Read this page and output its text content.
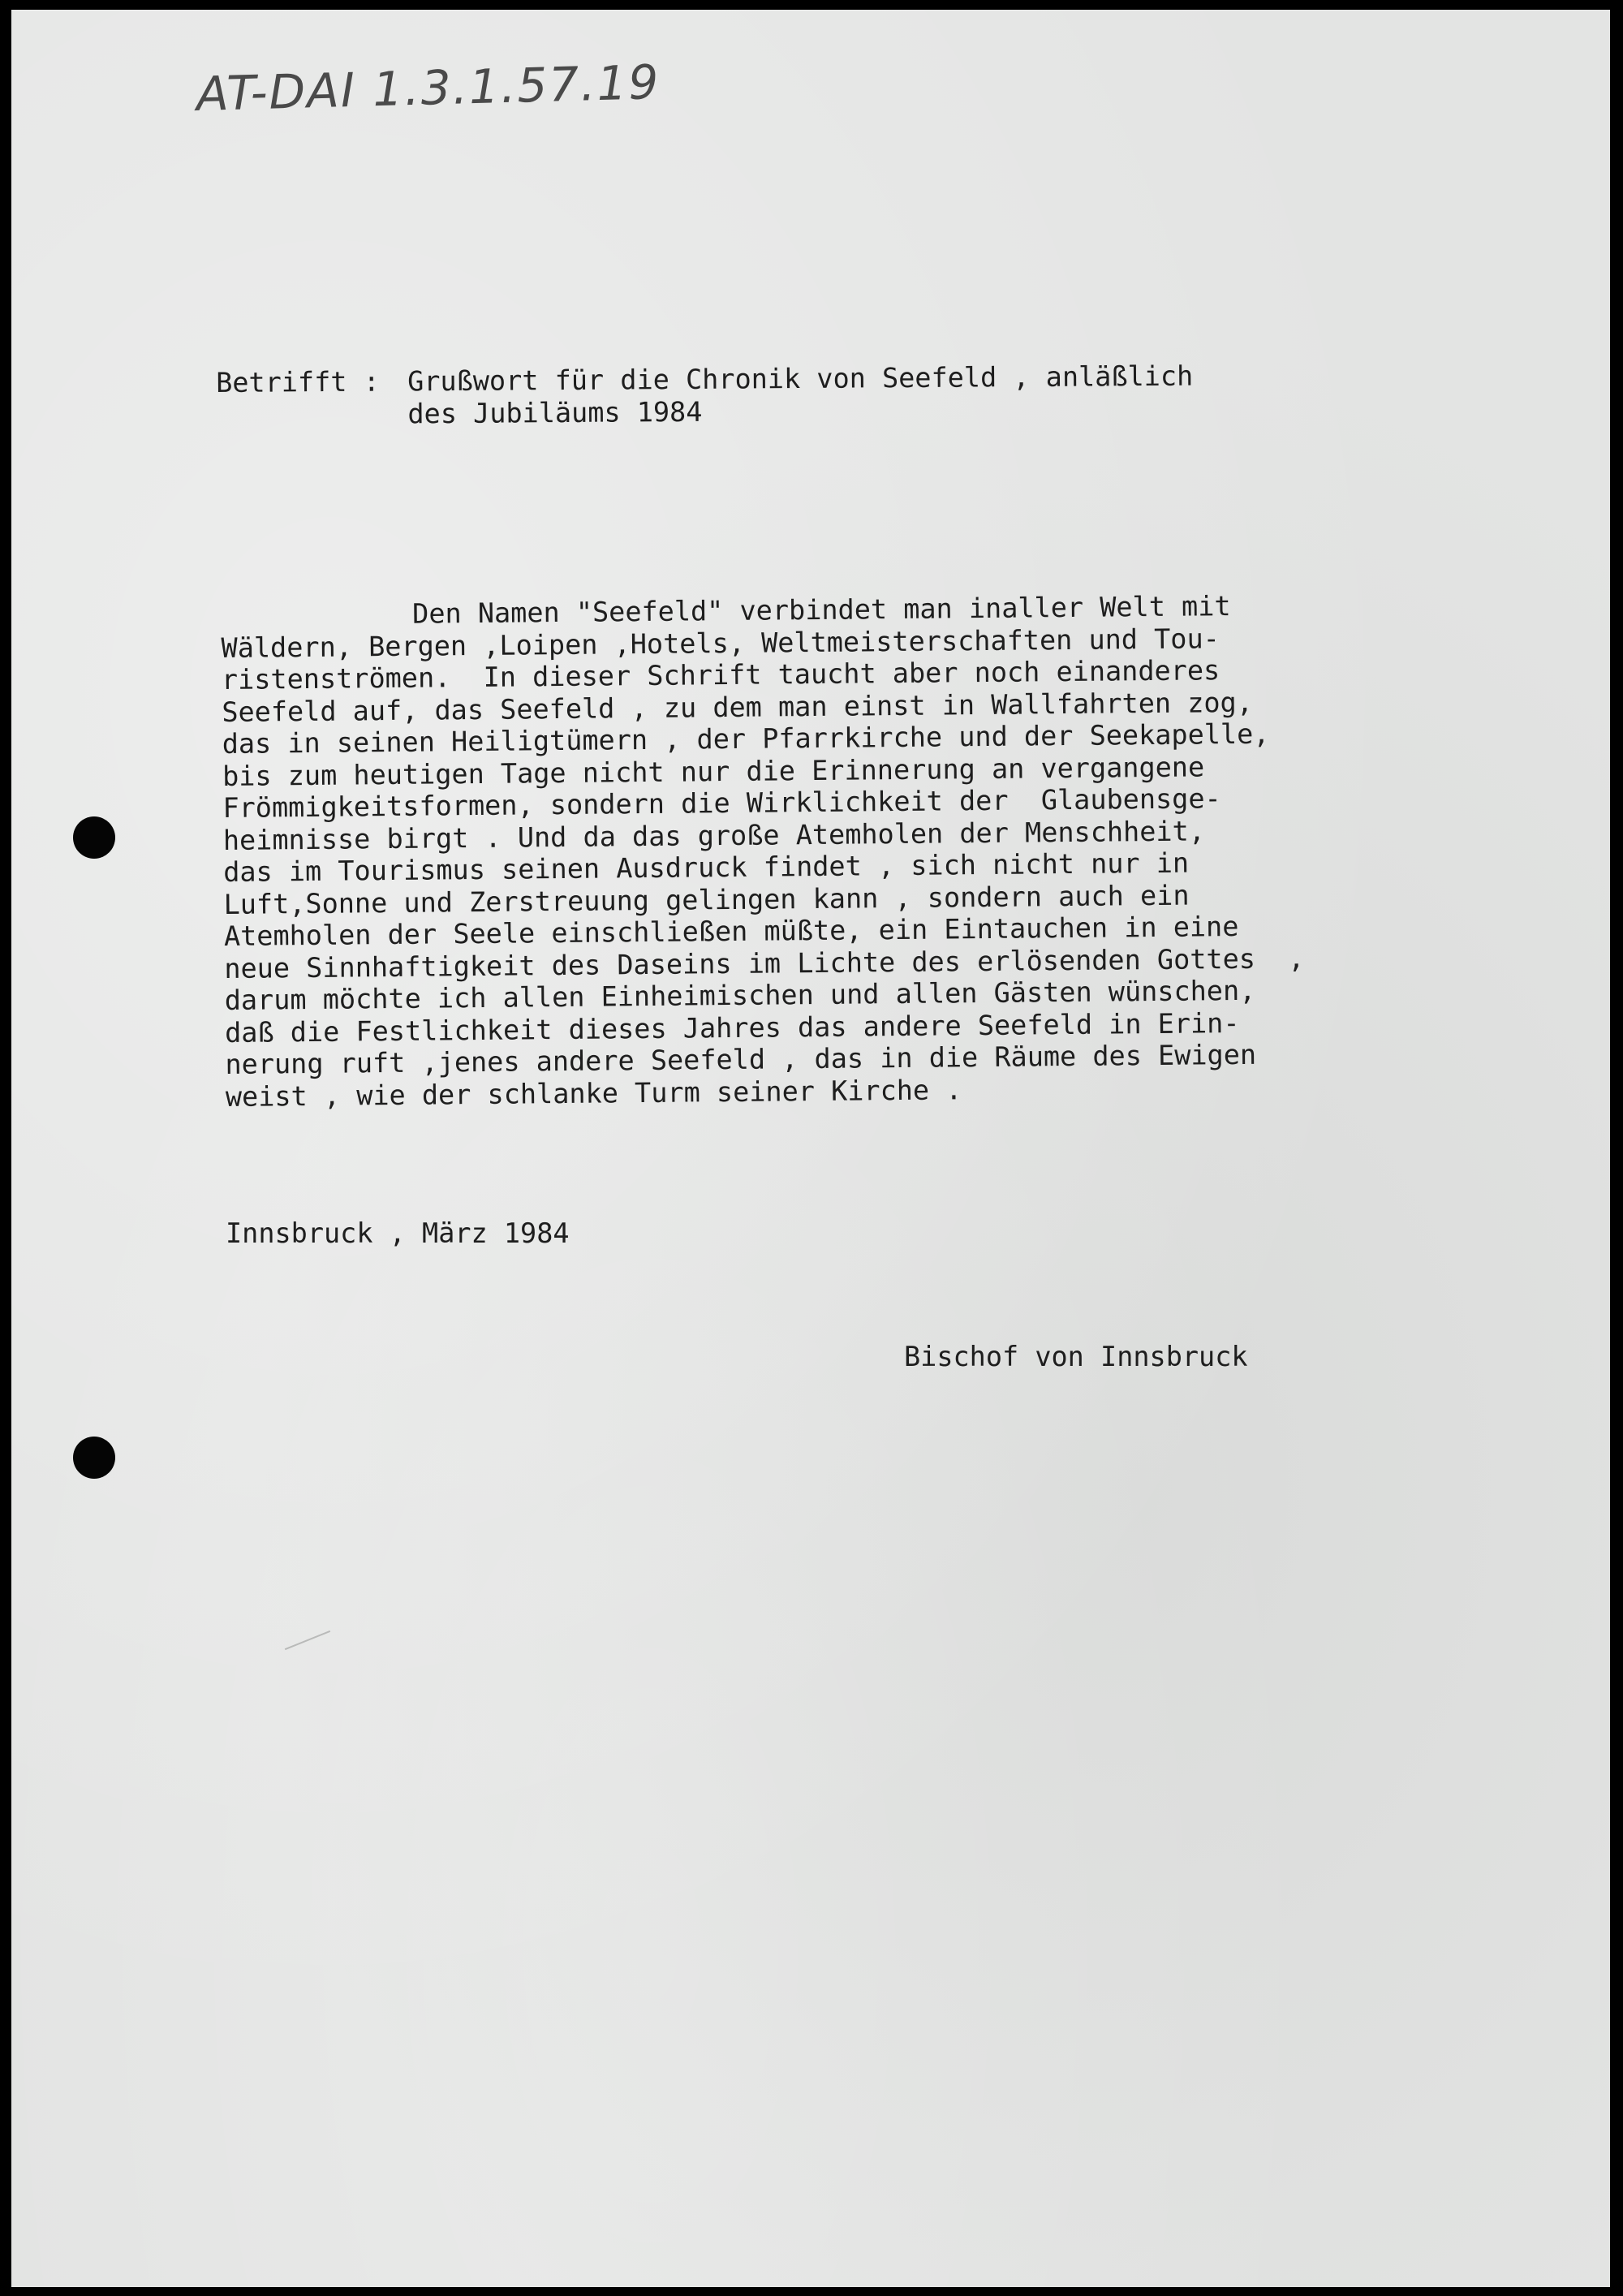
AT-DAI 1.3.1.57.19
Betrifft : Grußwort für die Chronik von Seefeld , anläßlich

des Jubiläums 1984
Den Namen "Seefeld" verbindet man inaller Welt mit
Wäldern, Bergen ,Loipen ,Hotels, Weltmeisterschaften und Tou-
ristenströmen.  In dieser Schrift taucht aber noch einanderes
Seefeld auf, das Seefeld , zu dem man einst in Wallfahrten zog,
das in seinen Heiligtümern , der Pfarrkirche und der Seekapelle,
bis zum heutigen Tage nicht nur die Erinnerung an vergangene
Frömmigkeitsformen, sondern die Wirklichkeit der  Glaubensge-
heimnisse birgt . Und da das große Atemholen der Menschheit,
das im Tourismus seinen Ausdruck findet , sich nicht nur in
Luft,Sonne und Zerstreuung gelingen kann , sondern auch ein
Atemholen der Seele einschließen müßte, ein Eintauchen in eine
neue Sinnhaftigkeit des Daseins im Lichte des erlösenden Gottes  ,
darum möchte ich allen Einheimischen und allen Gästen wünschen,
daß die Festlichkeit dieses Jahres das andere Seefeld in Erin-
nerung ruft ,jenes andere Seefeld , das in die Räume des Ewigen
weist , wie der schlanke Turm seiner Kirche .
Innsbruck , März 1984
Bischof von Innsbruck
